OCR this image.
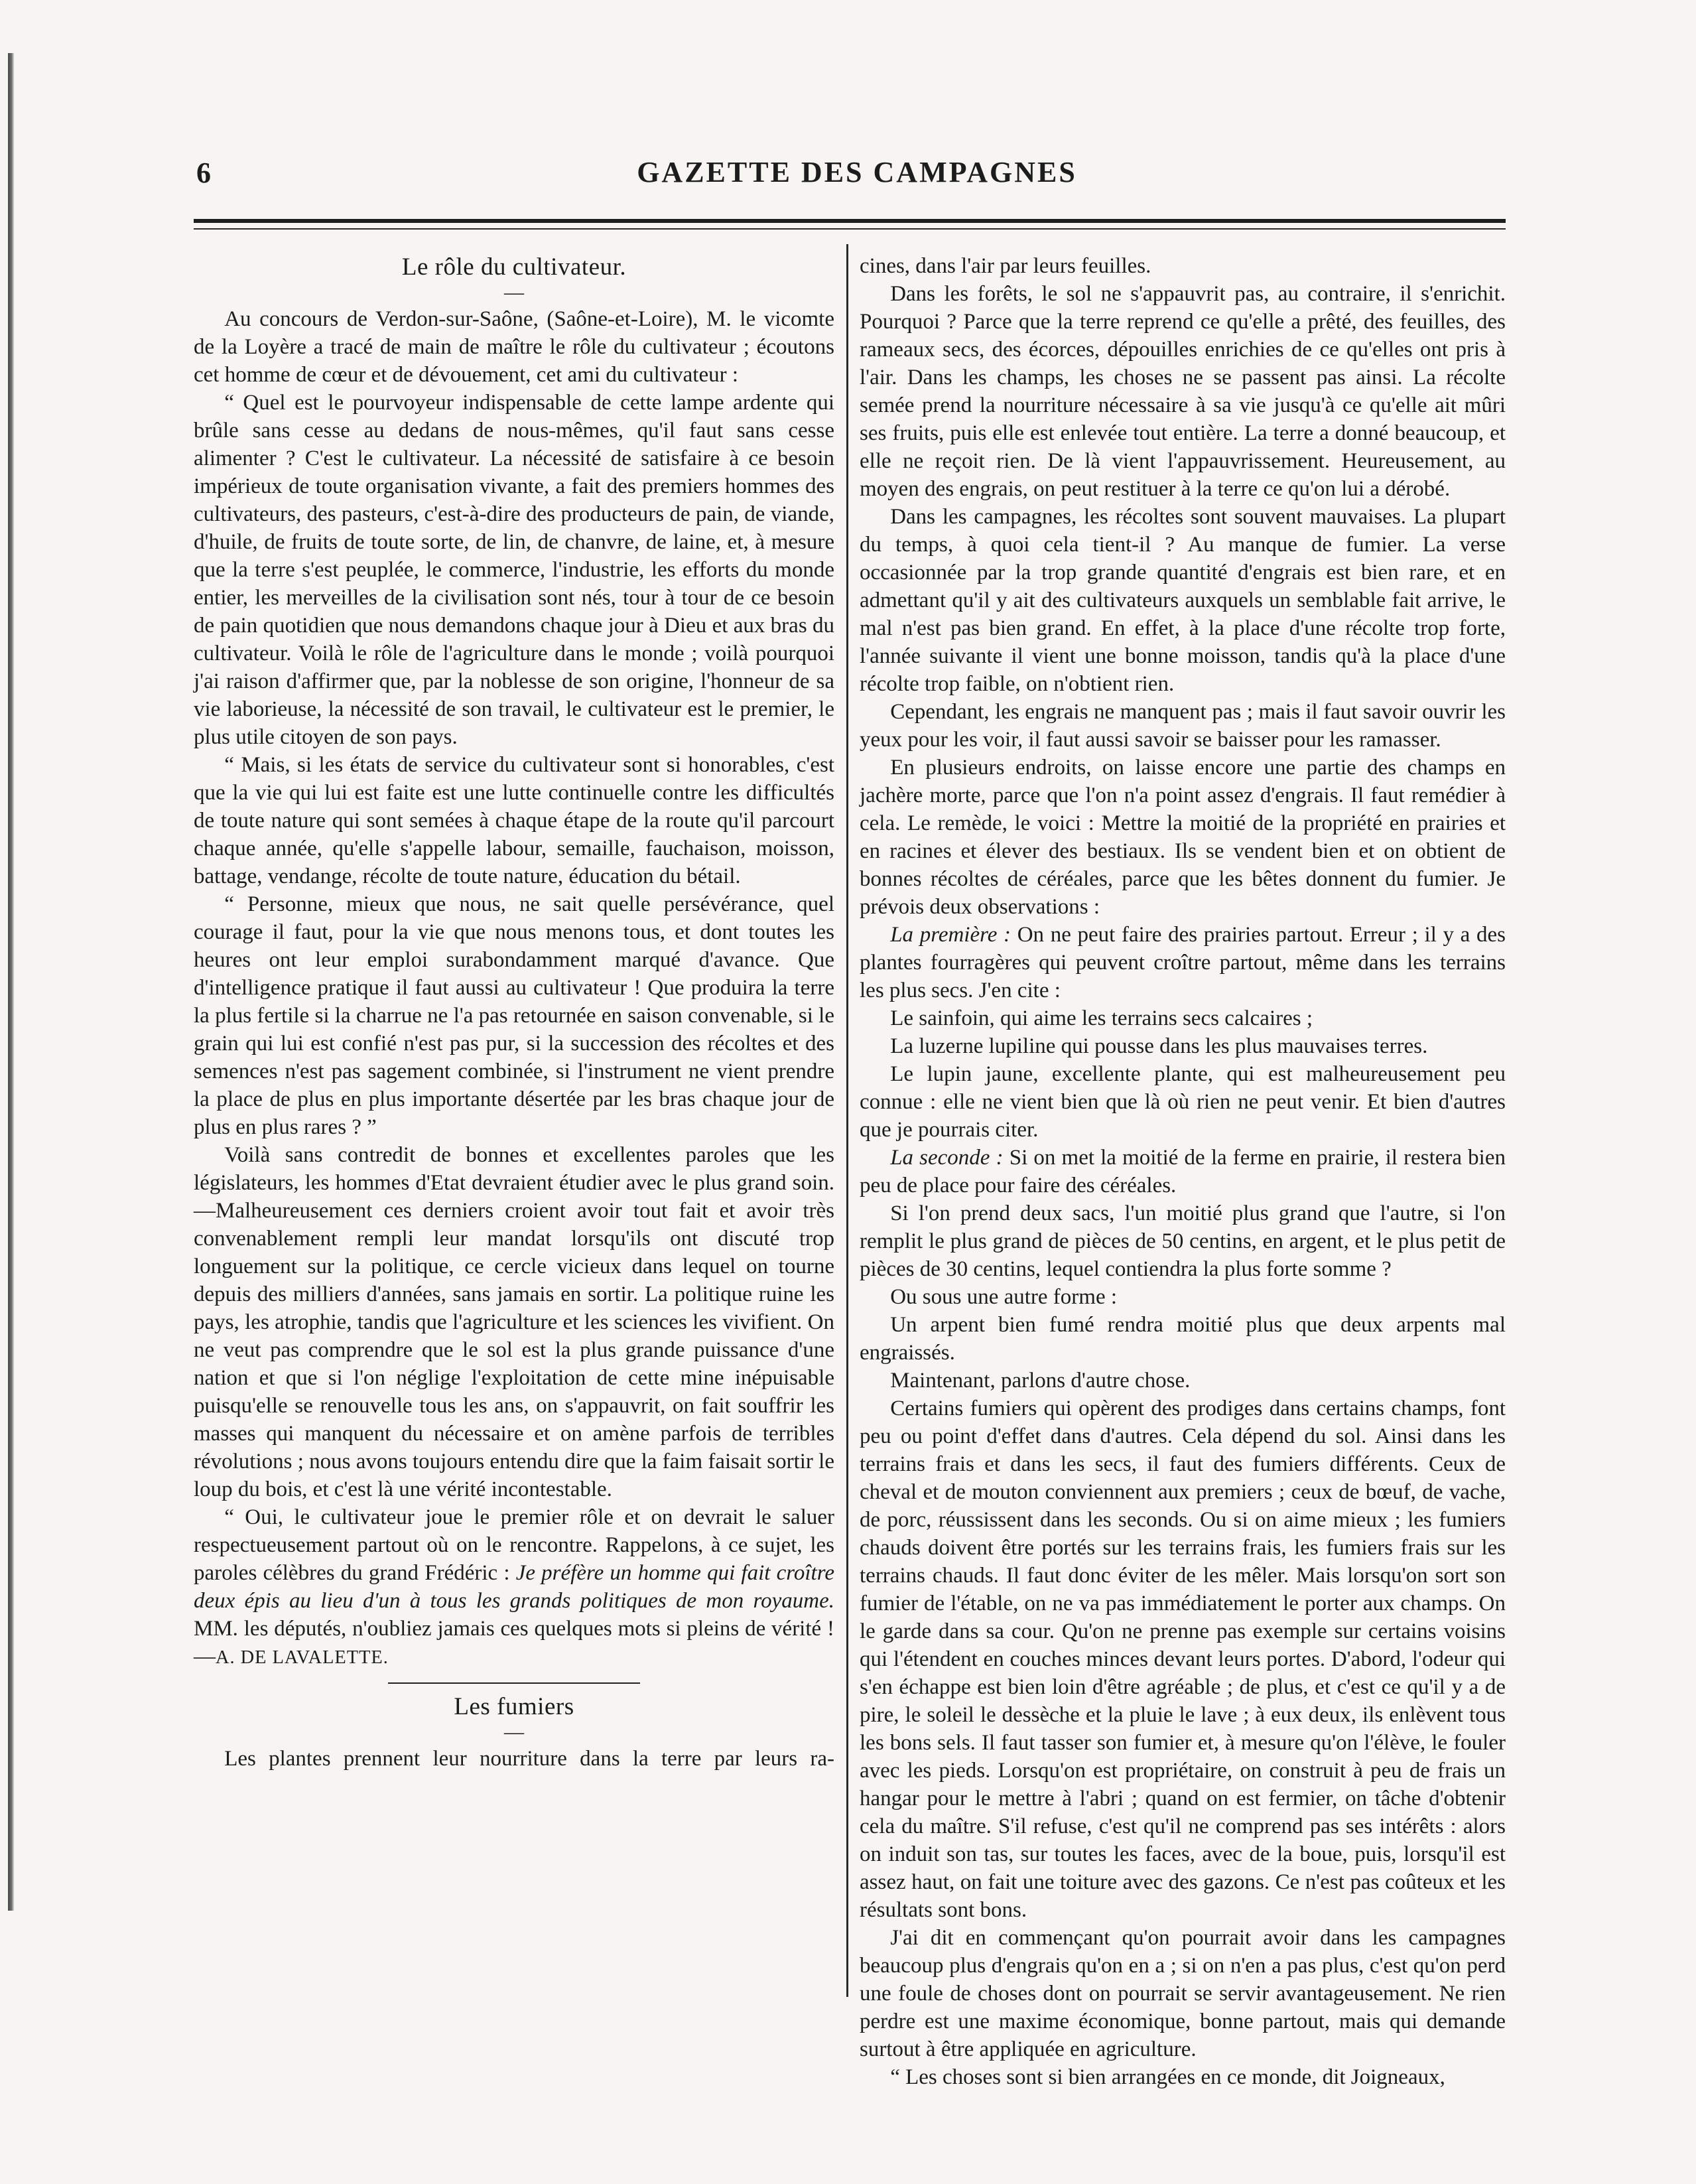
6	GAZETTE DES CAMPAGNES
Le rôle du cultivateur.
—

Au concours de Verdon-sur-Saône, (Saône-et-Loire), M. le vicomte de la Loyère a tracé de main de maître le rôle du cultivateur ; écoutons cet homme de cœur et de dévouement, cet ami du cultivateur :

“ Quel est le pourvoyeur indispensable de cette lampe ardente qui brûle sans cesse au dedans de nous-mêmes, qu'il faut sans cesse alimenter ? C'est le cultivateur. La nécessité de satisfaire à ce besoin impérieux de toute organisation vivante, a fait des premiers hommes des cultivateurs, des pasteurs, c'est-à-dire des producteurs de pain, de viande, d'huile, de fruits de toute sorte, de lin, de chanvre, de laine, et, à mesure que la terre s'est peuplée, le commerce, l'industrie, les efforts du monde entier, les merveilles de la civilisation sont nés, tour à tour de ce besoin de pain quotidien que nous demandons chaque jour à Dieu et aux bras du cultivateur. Voilà le rôle de l'agriculture dans le monde ; voilà pourquoi j'ai raison d'affirmer que, par la noblesse de son origine, l'honneur de sa vie laborieuse, la nécessité de son travail, le cultivateur est le premier, le plus utile citoyen de son pays.

“ Mais, si les états de service du cultivateur sont si honorables, c'est que la vie qui lui est faite est une lutte continuelle contre les difficultés de toute nature qui sont semées à chaque étape de la route qu'il parcourt chaque année, qu'elle s'appelle labour, semaille, fauchaison, moisson, battage, vendange, récolte de toute nature, éducation du bétail.

“ Personne, mieux que nous, ne sait quelle persévérance, quel courage il faut, pour la vie que nous menons tous, et dont toutes les heures ont leur emploi surabondamment marqué d'avance. Que d'intelligence pratique il faut aussi au cultivateur ! Que produira la terre la plus fertile si la charrue ne l'a pas retournée en saison convenable, si le grain qui lui est confié n'est pas pur, si la succession des récoltes et des semences n'est pas sagement combinée, si l'instrument ne vient prendre la place de plus en plus importante désertée par les bras chaque jour de plus en plus rares ? ”

Voilà sans contredit de bonnes et excellentes paroles que les législateurs, les hommes d'Etat devraient étudier avec le plus grand soin.—Malheureusement ces derniers croient avoir tout fait et avoir très convenablement rempli leur mandat lorsqu'ils ont discuté trop longuement sur la politique, ce cercle vicieux dans lequel on tourne depuis des milliers d'années, sans jamais en sortir. La politique ruine les pays, les atrophie, tandis que l'agriculture et les sciences les vivifient. On ne veut pas comprendre que le sol est la plus grande puissance d'une nation et que si l'on néglige l'exploitation de cette mine inépuisable puisqu'elle se renouvelle tous les ans, on s'appauvrit, on fait souffrir les masses qui manquent du nécessaire et on amène parfois de terribles révolutions ; nous avons toujours entendu dire que la faim faisait sortir le loup du bois, et c'est là une vérité incontestable.

“ Oui, le cultivateur joue le premier rôle et on devrait le saluer respectueusement partout où on le rencontre. Rappelons, à ce sujet, les paroles célèbres du grand Frédéric : Je préfère un homme qui fait croître deux épis au lieu d'un à tous les grands politiques de mon royaume. MM. les députés, n'oubliez jamais ces quelques mots si pleins de vérité !—A. DE LAVALETTE.

Les fumiers
—

Les plantes prennent leur nourriture dans la terre par leurs ra-

cines, dans l'air par leurs feuilles.

Dans les forêts, le sol ne s'appauvrit pas, au contraire, il s'enrichit. Pourquoi ? Parce que la terre reprend ce qu'elle a prêté, des feuilles, des rameaux secs, des écorces, dépouilles enrichies de ce qu'elles ont pris à l'air. Dans les champs, les choses ne se passent pas ainsi. La récolte semée prend la nourriture nécessaire à sa vie jusqu'à ce qu'elle ait mûri ses fruits, puis elle est enlevée tout entière. La terre a donné beaucoup, et elle ne reçoit rien. De là vient l'appauvrissement. Heureusement, au moyen des engrais, on peut restituer à la terre ce qu'on lui a dérobé.

Dans les campagnes, les récoltes sont souvent mauvaises. La plupart du temps, à quoi cela tient-il ? Au manque de fumier. La verse occasionnée par la trop grande quantité d'engrais est bien rare, et en admettant qu'il y ait des cultivateurs auxquels un semblable fait arrive, le mal n'est pas bien grand. En effet, à la place d'une récolte trop forte, l'année suivante il vient une bonne moisson, tandis qu'à la place d'une récolte trop faible, on n'obtient rien.

Cependant, les engrais ne manquent pas ; mais il faut savoir ouvrir les yeux pour les voir, il faut aussi savoir se baisser pour les ramasser.

En plusieurs endroits, on laisse encore une partie des champs en jachère morte, parce que l'on n'a point assez d'engrais. Il faut remédier à cela. Le remède, le voici : Mettre la moitié de la propriété en prairies et en racines et élever des bestiaux. Ils se vendent bien et on obtient de bonnes récoltes de céréales, parce que les bêtes donnent du fumier. Je prévois deux observations :

La première : On ne peut faire des prairies partout. Erreur ; il y a des plantes fourragères qui peuvent croître partout, même dans les terrains les plus secs. J'en cite :

Le sainfoin, qui aime les terrains secs calcaires ;

La luzerne lupiline qui pousse dans les plus mauvaises terres.

Le lupin jaune, excellente plante, qui est malheureusement peu connue : elle ne vient bien que là où rien ne peut venir. Et bien d'autres que je pourrais citer.

La seconde : Si on met la moitié de la ferme en prairie, il restera bien peu de place pour faire des céréales.

Si l'on prend deux sacs, l'un moitié plus grand que l'autre, si l'on remplit le plus grand de pièces de 50 centins, en argent, et le plus petit de pièces de 30 centins, lequel contiendra la plus forte somme ?

Ou sous une autre forme :

Un arpent bien fumé rendra moitié plus que deux arpents mal engraissés.

Maintenant, parlons d'autre chose.

Certains fumiers qui opèrent des prodiges dans certains champs, font peu ou point d'effet dans d'autres. Cela dépend du sol. Ainsi dans les terrains frais et dans les secs, il faut des fumiers différents. Ceux de cheval et de mouton conviennent aux premiers ; ceux de bœuf, de vache, de porc, réussissent dans les seconds. Ou si on aime mieux ; les fumiers chauds doivent être portés sur les terrains frais, les fumiers frais sur les terrains chauds. Il faut donc éviter de les mêler. Mais lorsqu'on sort son fumier de l'étable, on ne va pas immédiatement le porter aux champs. On le garde dans sa cour. Qu'on ne prenne pas exemple sur certains voisins qui l'étendent en couches minces devant leurs portes. D'abord, l'odeur qui s'en échappe est bien loin d'être agréable ; de plus, et c'est ce qu'il y a de pire, le soleil le dessèche et la pluie le lave ; à eux deux, ils enlèvent tous les bons sels. Il faut tasser son fumier et, à mesure qu'on l'élève, le fouler avec les pieds. Lorsqu'on est propriétaire, on construit à peu de frais un hangar pour le mettre à l'abri ; quand on est fermier, on tâche d'obtenir cela du maître. S'il refuse, c'est qu'il ne comprend pas ses intérêts : alors on induit son tas, sur toutes les faces, avec de la boue, puis, lorsqu'il est assez haut, on fait une toiture avec des gazons. Ce n'est pas coûteux et les résultats sont bons.

J'ai dit en commençant qu'on pourrait avoir dans les campagnes beaucoup plus d'engrais qu'on en a ; si on n'en a pas plus, c'est qu'on perd une foule de choses dont on pourrait se servir avantageusement. Ne rien perdre est une maxime économique, bonne partout, mais qui demande surtout à être appliquée en agriculture.

“ Les choses sont si bien arrangées en ce monde, dit Joigneaux,
